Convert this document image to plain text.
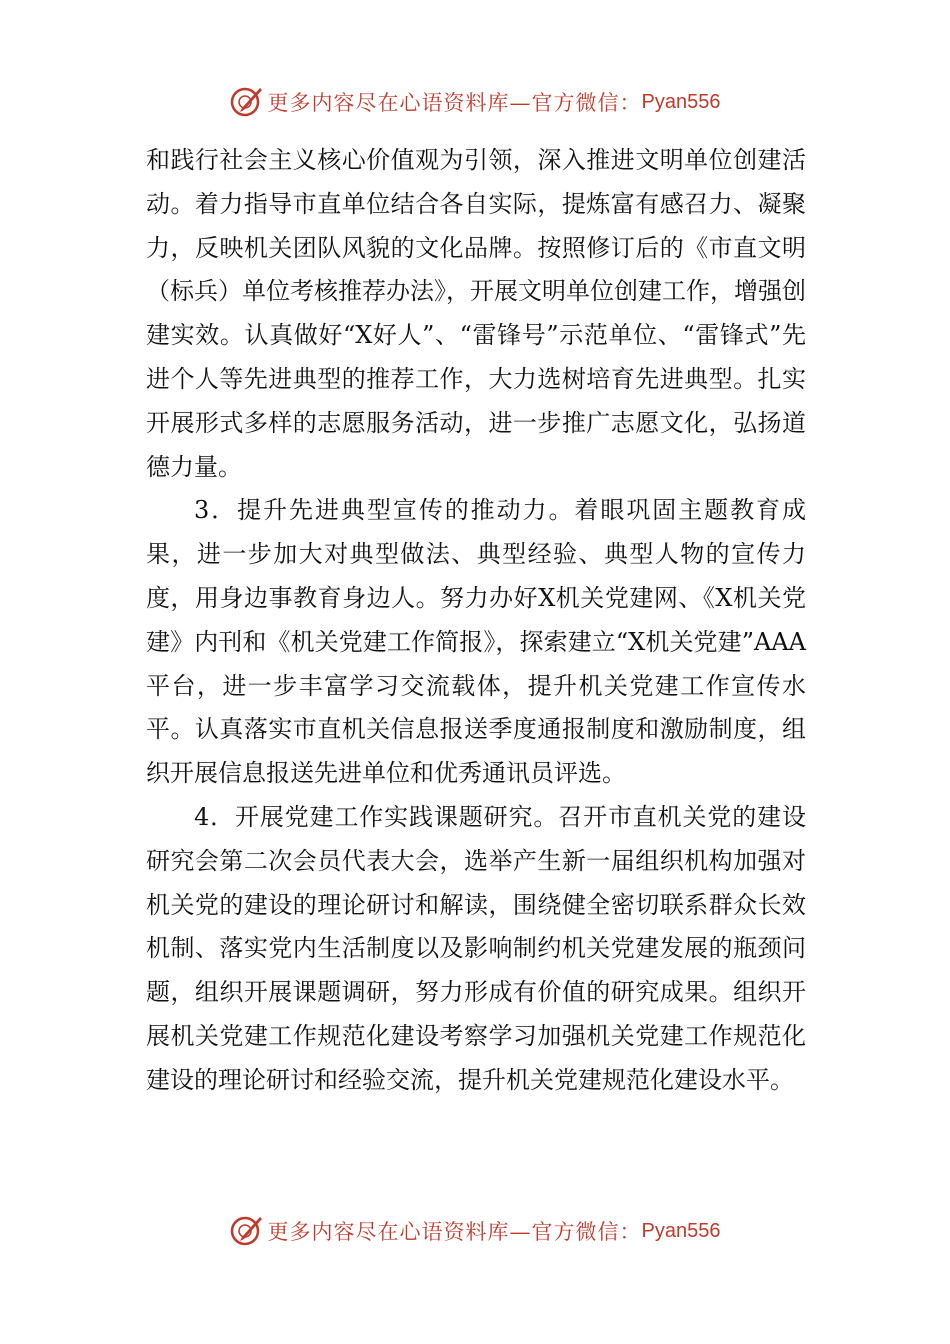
更多内容尽在心语资料库—官方微信： Pyan556

和践行社会主义核心价值观为引领，深入推进文明单位创建活动。着力指导市直单位结合各自实际，提炼富有感召力、凝聚力，反映机关团队风貌的文化品牌。按照修订后的《市直文明（标兵）单位考核推荐办法》，开展文明单位创建工作，增强创建实效。认真做好“X好人”、“雷锋号”示范单位、“雷锋式”先进个人等先进典型的推荐工作，大力选树培育先进典型。扎实开展形式多样的志愿服务活动，进一步推广志愿文化，弘扬道德力量。

3．提升先进典型宣传的推动力。着眼巩固主题教育成果，进一步加大对典型做法、典型经验、典型人物的宣传力度，用身边事教育身边人。努力办好X机关党建网、《X机关党建》内刊和《机关党建工作简报》，探索建立“X机关党建”AAA平台，进一步丰富学习交流载体，提升机关党建工作宣传水平。认真落实市直机关信息报送季度通报制度和激励制度，组织开展信息报送先进单位和优秀通讯员评选。

4．开展党建工作实践课题研究。召开市直机关党的建设研究会第二次会员代表大会，选举产生新一届组织机构加强对机关党的建设的理论研讨和解读，围绕健全密切联系群众长效机制、落实党内生活制度以及影响制约机关党建发展的瓶颈问题，组织开展课题调研，努力形成有价值的研究成果。组织开展机关党建工作规范化建设考察学习加强机关党建工作规范化建设的理论研讨和经验交流，提升机关党建规范化建设水平。

更多内容尽在心语资料库—官方微信： Pyan556
